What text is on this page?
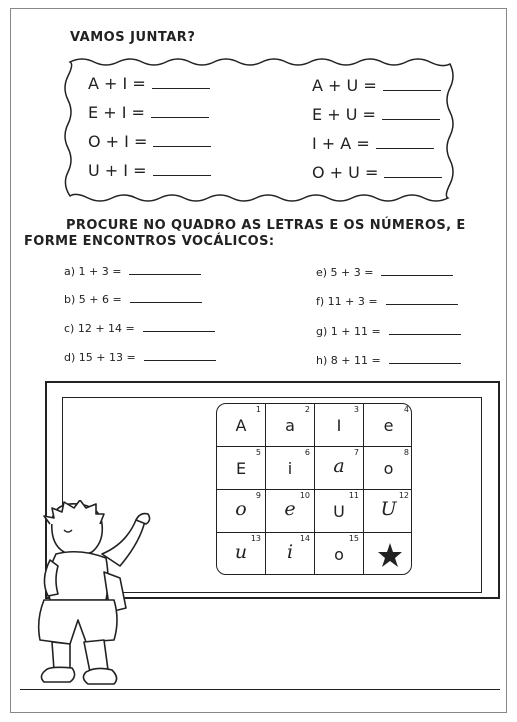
VAMOS JUNTAR?
A + I =
E + I =
O + I =
U + I =
A + U =
E + U =
I + A =
O + U =
PROCURE NO QUADRO AS LETRAS E OS NÚMEROS, E
FORME ENCONTROS VOCÁLICOS:
a) 1 + 3 =
b) 5 + 6 =
c) 12 + 14 =
d) 15 + 13 =
e) 5 + 3 =
f) 11 + 3 =
g) 1 + 11 =
h) 8 + 11 =
1
A
2
a
3
I
4
e
5
E
6
i
7
a
8
o
9
o
10
e
11
U
12
U
13
u
14
i
15
o
